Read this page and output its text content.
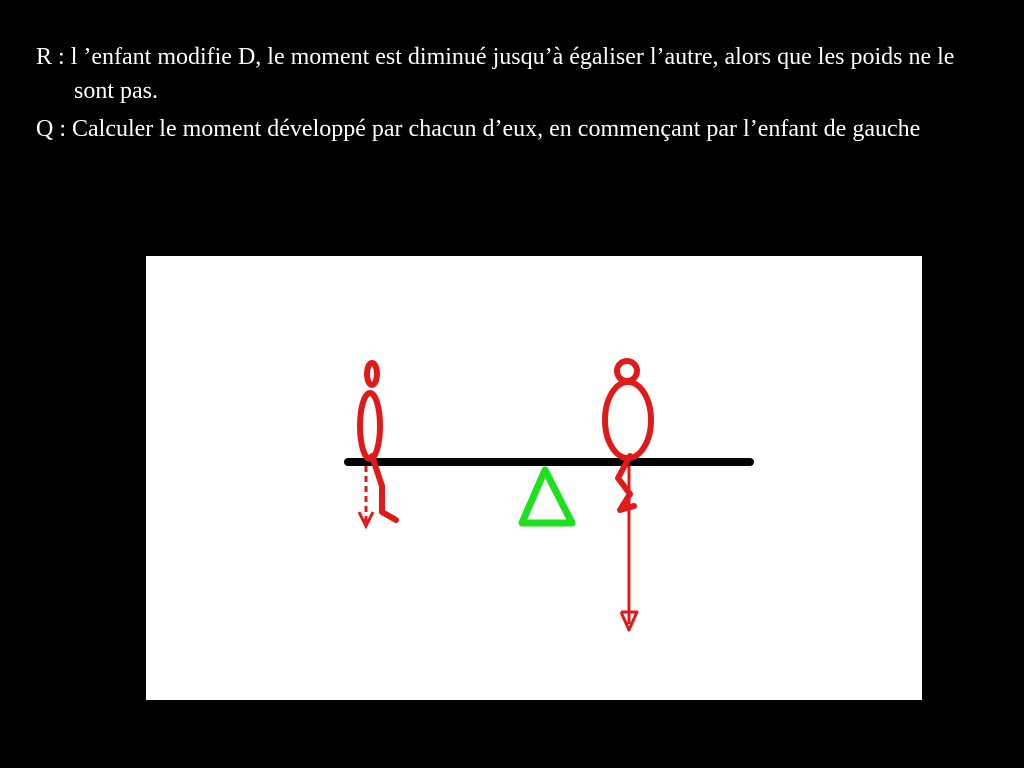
R : l ’enfant modifie D, le moment est diminué jusqu’à égaliser l’autre, alors que les poids ne le sont pas.

Q : Calculer le moment développé par chacun d’eux, en commençant par l’enfant de gauche
